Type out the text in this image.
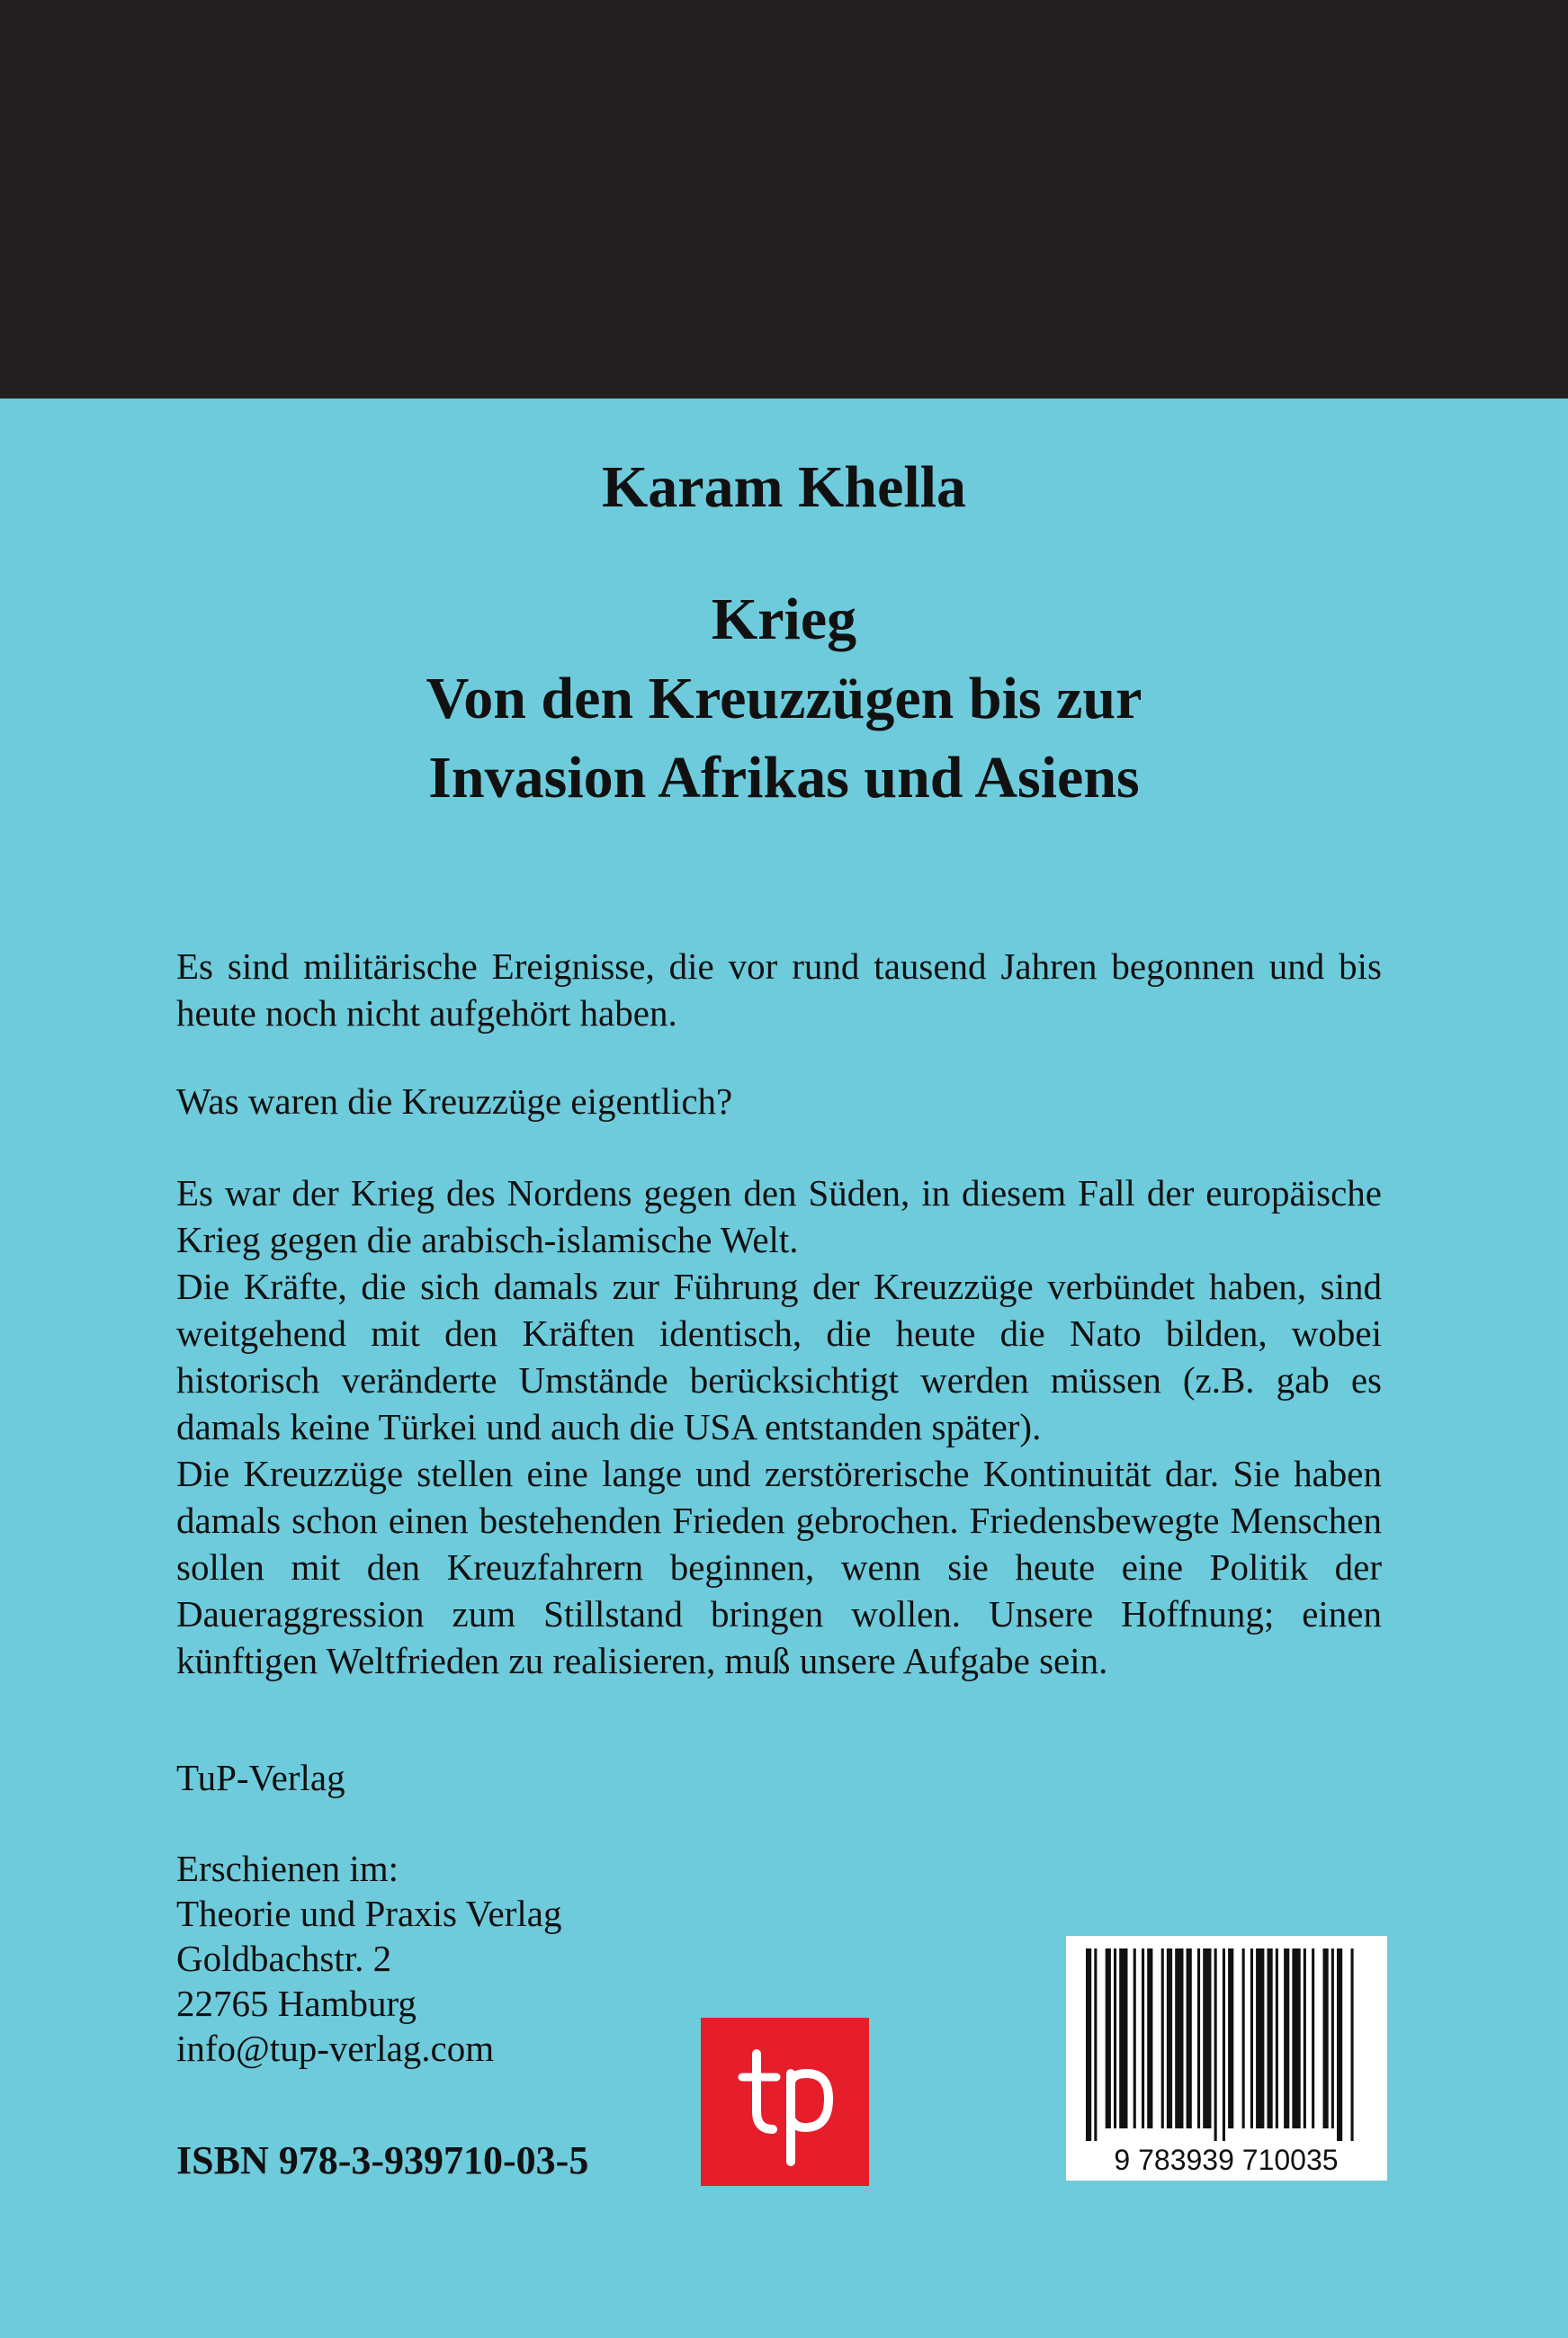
Karam Khella
Krieg
Von den Kreuzzügen bis zur
Invasion Afrikas und Asiens

Es sind militärische Ereignisse, die vor rund tausend Jahren begonnen und bis heute noch nicht aufgehört haben.

Was waren die Kreuzzüge eigentlich?

Es war der Krieg des Nordens gegen den Süden, in diesem Fall der europäische Krieg gegen die arabisch-islamische Welt.

Die Kräfte, die sich damals zur Führung der Kreuzzüge verbündet haben, sind weitgehend mit den Kräften identisch, die heute die Nato bilden, wobei historisch veränderte Umstände berücksichtigt werden müssen (z.B. gab es damals keine Türkei und auch die USA entstanden später).

Die Kreuzzüge stellen eine lange und zerstörerische Kontinuität dar. Sie haben damals schon einen bestehenden Frieden gebrochen. Friedensbewegte Menschen sollen mit den Kreuzfahrern beginnen, wenn sie heute eine Politik der Daueraggression zum Stillstand bringen wollen. Unsere Hoffnung; einen künftigen Weltfrieden zu realisieren, muß unsere Aufgabe sein.

TuP-Verlag
Erschienen im:
Theorie und Praxis Verlag
Goldbachstr. 2
22765 Hamburg
info@tup-verlag.com
ISBN 978-3-939710-03-5	9 783939 710035
